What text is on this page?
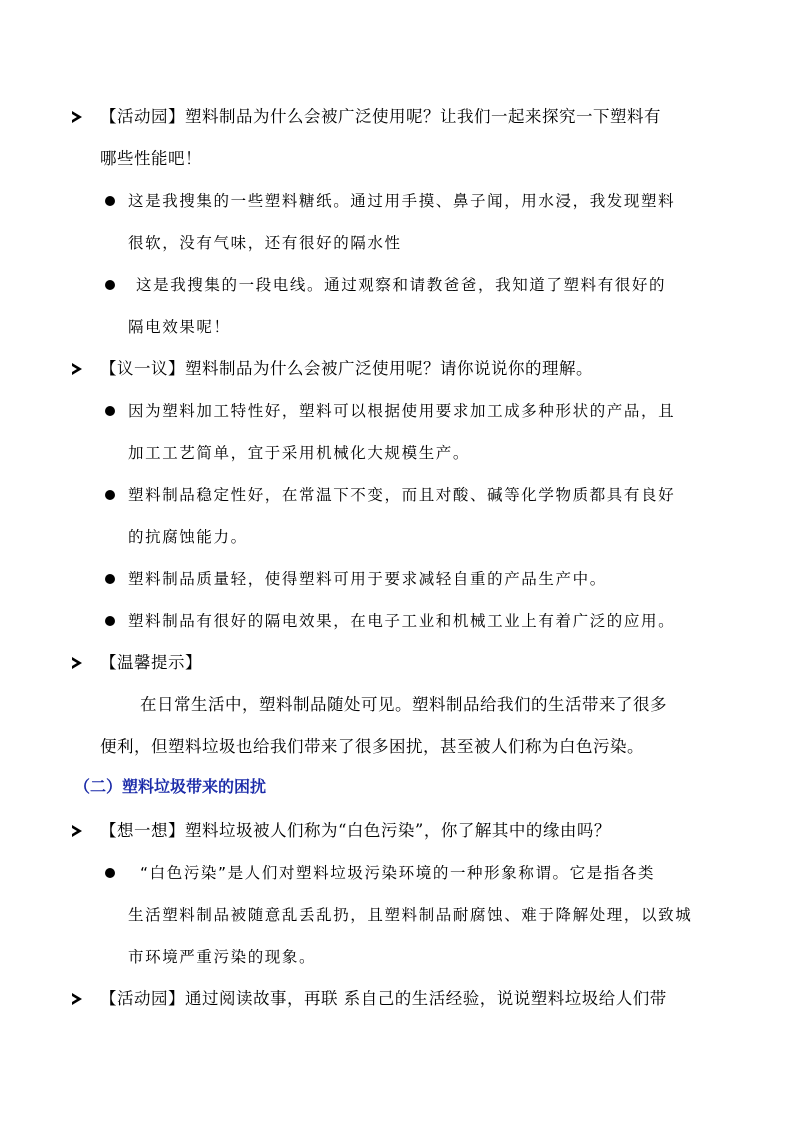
【活动园】塑料制品为什么会被广泛使用呢？让我们一起来探究一下塑料有
哪些性能吧！
这是我搜集的一些塑料糖纸。通过用手摸、鼻子闻，用水浸，我发现塑料
很软，没有气味，还有很好的隔水性
这是我搜集的一段电线。通过观察和请教爸爸，我知道了塑料有很好的
隔电效果呢！
【议一议】塑料制品为什么会被广泛使用呢？请你说说你的理解。
因为塑料加工特性好，塑料可以根据使用要求加工成多种形状的产品，且
加工工艺简单，宜于采用机械化大规模生产。
塑料制品稳定性好，在常温下不变，而且对酸、碱等化学物质都具有良好
的抗腐蚀能力。
塑料制品质量轻，使得塑料可用于要求减轻自重的产品生产中。
塑料制品有很好的隔电效果，在电子工业和机械工业上有着广泛的应用。
【温馨提示】
在日常生活中，塑料制品随处可见。塑料制品给我们的生活带来了很多
便利，但塑料垃圾也给我们带来了很多困扰，甚至被人们称为白色污染。
（二）塑料垃圾带来的困扰
【想一想】塑料垃圾被人们称为“白色污染”，你了解其中的缘由吗？
“白色污染”是人们对塑料垃圾污染环境的一种形象称谓。它是指各类
生活塑料制品被随意乱丢乱扔，且塑料制品耐腐蚀、难于降解处理，以致城
市环境严重污染的现象。
【活动园】通过阅读故事，再联 系自己的生活经验，说说塑料垃圾给人们带
